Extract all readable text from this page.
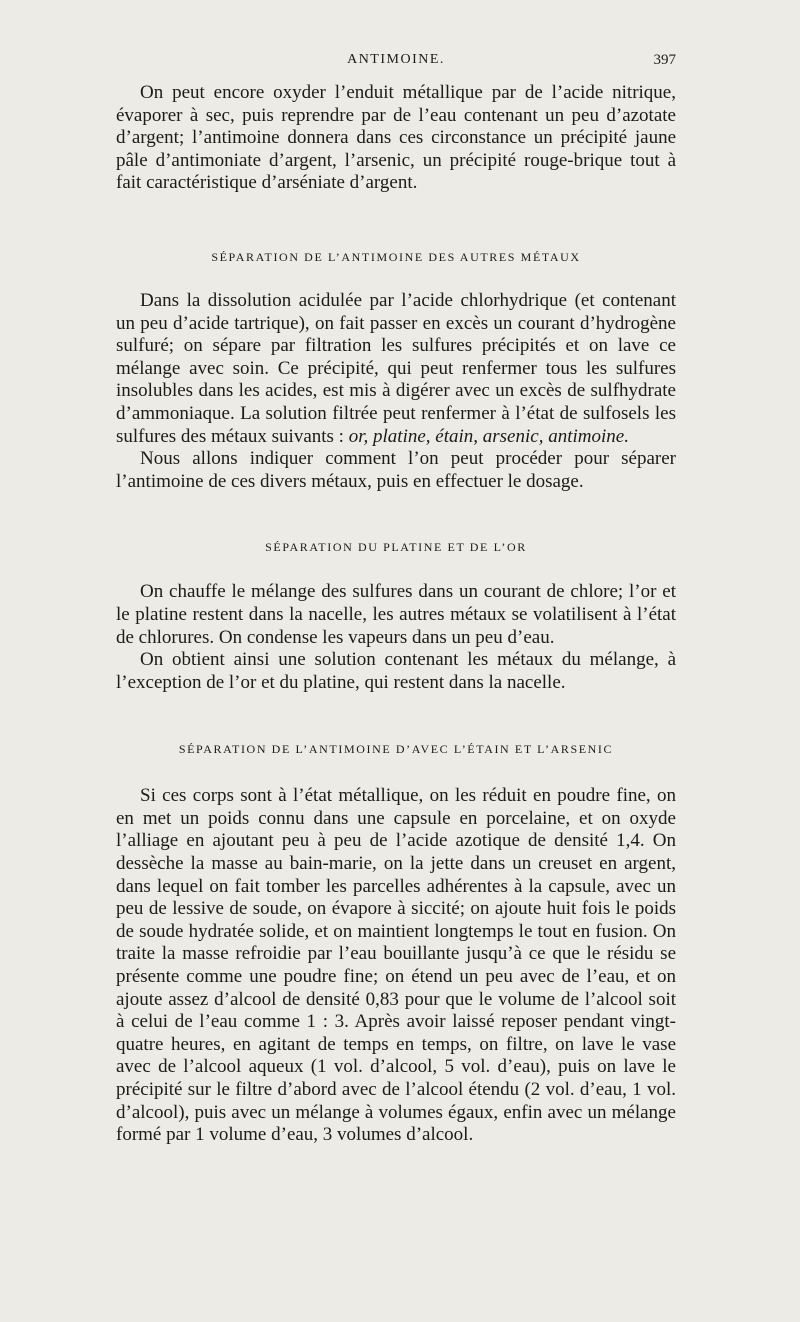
ANTIMOINE.	397

On peut encore oxyder l’enduit métallique par de l’acide nitrique, évaporer à sec, puis reprendre par de l’eau contenant un peu d’azotate d’argent; l’antimoine donnera dans ces circonstance un précipité jaune pâle d’antimoniate d’argent, l’arsenic, un précipité rouge-brique tout à fait caractéristique d’arséniate d’argent.

SÉPARATION DE L’ANTIMOINE DES AUTRES MÉTAUX

Dans la dissolution acidulée par l’acide chlorhydrique (et contenant un peu d’acide tartrique), on fait passer en excès un courant d’hydrogène sulfuré; on sépare par filtration les sulfures précipités et on lave ce mélange avec soin. Ce précipité, qui peut renfermer tous les sulfures insolubles dans les acides, est mis à digérer avec un excès de sulfhydrate d’ammoniaque. La solution filtrée peut renfermer à l’état de sulfosels les sulfures des métaux suivants : or, platine, étain, arsenic, antimoine.

Nous allons indiquer comment l’on peut procéder pour séparer l’antimoine de ces divers métaux, puis en effectuer le dosage.

SÉPARATION DU PLATINE ET DE L’OR

On chauffe le mélange des sulfures dans un courant de chlore; l’or et le platine restent dans la nacelle, les autres métaux se volatilisent à l’état de chlorures. On condense les vapeurs dans un peu d’eau.

On obtient ainsi une solution contenant les métaux du mélange, à l’exception de l’or et du platine, qui restent dans la nacelle.

SÉPARATION DE L’ANTIMOINE D’AVEC L’ÉTAIN ET L’ARSENIC

Si ces corps sont à l’état métallique, on les réduit en poudre fine, on en met un poids connu dans une capsule en porcelaine, et on oxyde l’alliage en ajoutant peu à peu de l’acide azotique de densité 1,4. On dessèche la masse au bain-marie, on la jette dans un creuset en argent, dans lequel on fait tomber les parcelles adhérentes à la capsule, avec un peu de lessive de soude, on évapore à siccité; on ajoute huit fois le poids de soude hydratée solide, et on maintient longtemps le tout en fusion. On traite la masse refroidie par l’eau bouillante jusqu’à ce que le résidu se présente comme une poudre fine; on étend un peu avec de l’eau, et on ajoute assez d’alcool de densité 0,83 pour que le volume de l’alcool soit à celui de l’eau comme 1 : 3. Après avoir laissé reposer pendant vingt-quatre heures, en agitant de temps en temps, on filtre, on lave le vase avec de l’alcool aqueux (1 vol. d’alcool, 5 vol. d’eau), puis on lave le précipité sur le filtre d’abord avec de l’alcool étendu (2 vol. d’eau, 1 vol. d’alcool), puis avec un mélange à volumes égaux, enfin avec un mélange formé par 1 volume d’eau, 3 volumes d’alcool.
